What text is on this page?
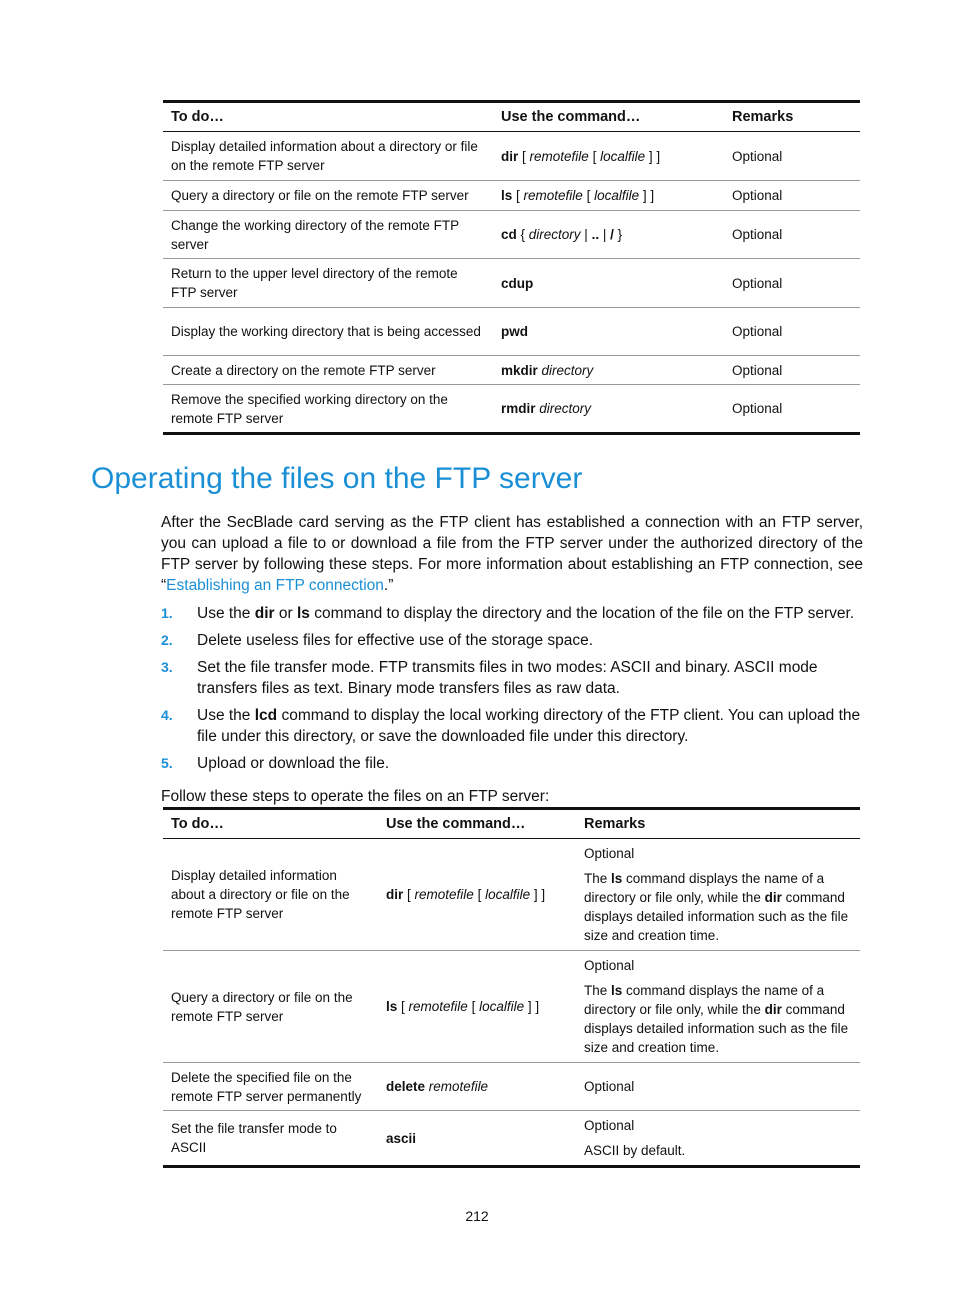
To do…	Use the command…	Remarks
Display detailed information about a directory or file on the remote FTP server	dir [ remotefile [ localfile ] ]	Optional
Query a directory or file on the remote FTP server	ls [ remotefile [ localfile ] ]	Optional
Change the working directory of the remote FTP server	cd { directory | .. | / }	Optional
Return to the upper level directory of the remote FTP server	cdup	Optional
Display the working directory that is being accessed	pwd	Optional
Create a directory on the remote FTP server	mkdir directory	Optional
Remove the specified working directory on the remote FTP server	rmdir directory	Optional
Operating the files on the FTP server

After the SecBlade card serving as the FTP client has established a connection with an FTP server, you can upload a file to or download a file from the FTP server under the authorized directory of the FTP server by following these steps. For more information about establishing an FTP connection, see “Establishing an FTP connection.”

1. Use the dir or ls command to display the directory and the location of the file on the FTP server.
2. Delete useless files for effective use of the storage space.
3. Set the file transfer mode. FTP transmits files in two modes: ASCII and binary. ASCII mode transfers files as text. Binary mode transfers files as raw data.
4. Use the lcd command to display the local working directory of the FTP client. You can upload the file under this directory, or save the downloaded file under this directory.
5. Upload or download the file.

Follow these steps to operate the files on an FTP server:

To do…	Use the command…	Remarks
Display detailed information about a directory or file on the remote FTP server	dir [ remotefile [ localfile ] ]	Optional

The ls command displays the name of a directory or file only, while the dir command displays detailed information such as the file size and creation time.

Query a directory or file on the remote FTP server	ls [ remotefile [ localfile ] ]	Optional

The ls command displays the name of a directory or file only, while the dir command displays detailed information such as the file size and creation time.

Delete the specified file on the remote FTP server permanently	delete remotefile	Optional

Set the file transfer mode to ASCII	ascii	Optional

ASCII by default.

212
